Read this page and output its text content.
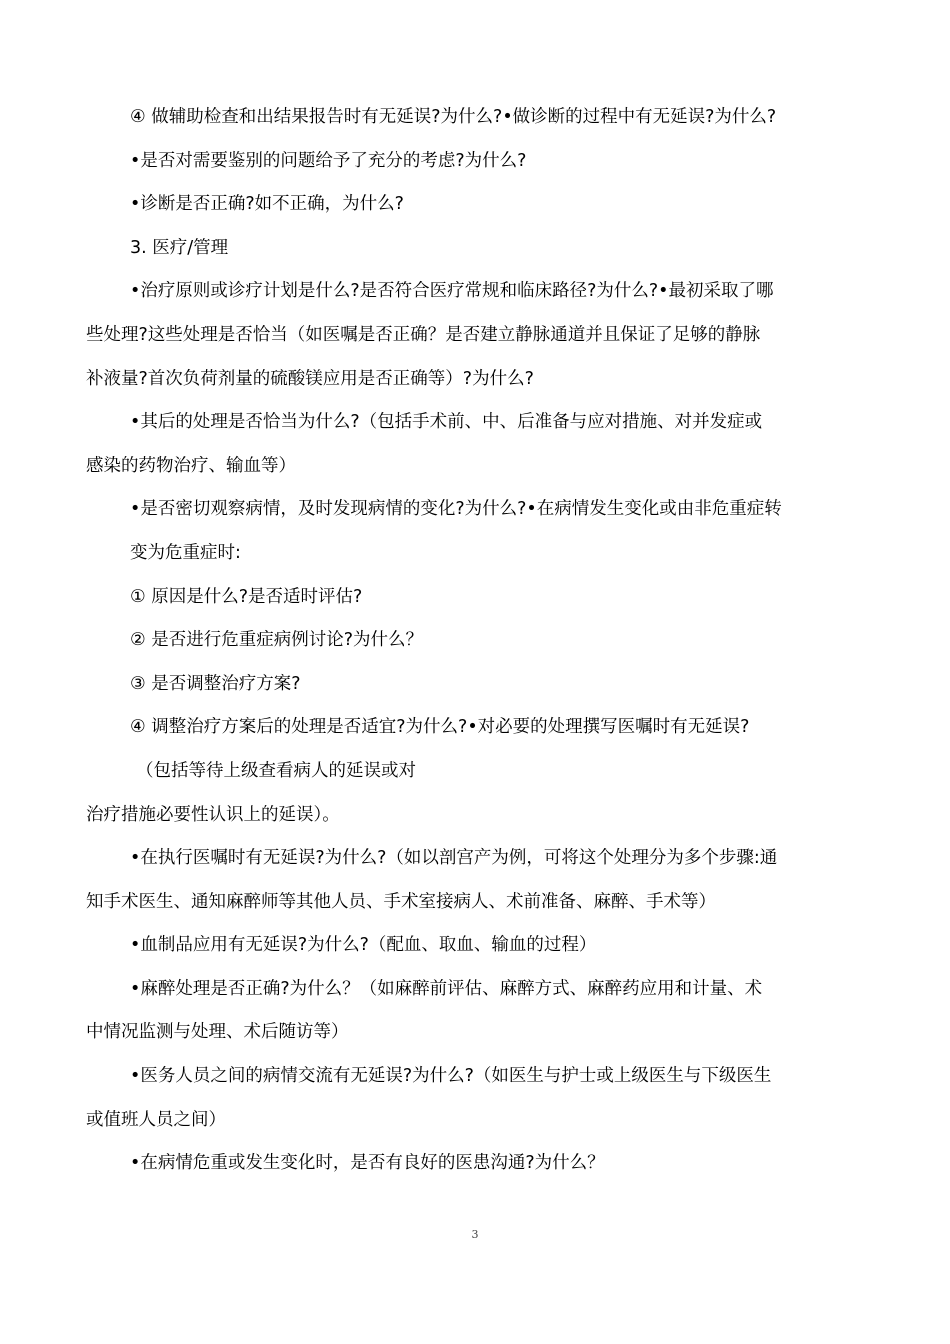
④ 做辅助检查和出结果报告时有无延误?为什么?•做诊断的过程中有无延误?为什么?
•是否对需要鉴别的问题给予了充分的考虑?为什么?
•诊断是否正确?如不正确，为什么?
3. 医疗/管理
•治疗原则或诊疗计划是什么?是否符合医疗常规和临床路径?为什么?•最初采取了哪
些处理?这些处理是否恰当（如医嘱是否正确？是否建立静脉通道并且保证了足够的静脉
补液量?首次负荷剂量的硫酸镁应用是否正确等）?为什么?
•其后的处理是否恰当为什么?（包括手术前、中、后准备与应对措施、对并发症或
感染的药物治疗、输血等）
•是否密切观察病情，及时发现病情的变化?为什么?•在病情发生变化或由非危重症转
变为危重症时:
① 原因是什么?是否适时评估?
② 是否进行危重症病例讨论?为什么？
③ 是否调整治疗方案?
④ 调整治疗方案后的处理是否适宜?为什么?•对必要的处理撰写医嘱时有无延误?
（包括等待上级查看病人的延误或对
治疗措施必要性认识上的延误）。
•在执行医嘱时有无延误?为什么?（如以剖宫产为例，可将这个处理分为多个步骤:通
知手术医生、通知麻醉师等其他人员、手术室接病人、术前准备、麻醉、手术等）
•血制品应用有无延误?为什么?（配血、取血、输血的过程）
•麻醉处理是否正确?为什么？（如麻醉前评估、麻醉方式、麻醉药应用和计量、术
中情况监测与处理、术后随访等）
•医务人员之间的病情交流有无延误?为什么?（如医生与护士或上级医生与下级医生
或值班人员之间）
•在病情危重或发生变化时，是否有良好的医患沟通?为什么？
3
